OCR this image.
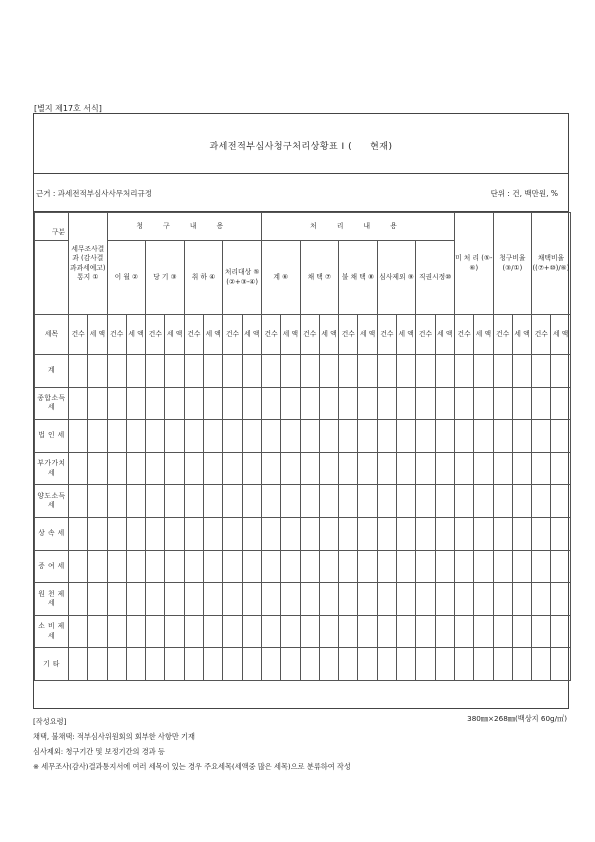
[별지 제17호 서식]
과세전적부심사청구처리상황표 I ( 현재)
근거 : 과세전적부심사사무처리규정	단위 : 건, 백만원, %
구분	세무조사결과 (감사결과과세예고) 통지 ①		청 구 내 용								처 리 내 용										미 처 리 (⑤-⑥)		청구비율 (③/①)		채택비율 ((⑦+⑩)/⑥)	
			이 월 ②		당 기 ③		취 하 ④		처리대상 ⑤ (②+③-④)		계 ⑥		채 택 ⑦		불 채 택 ⑧		심사제외 ⑨		직권시정⑩							
세목	건수	세 액	건수	세 액	건수	세 액	건수	세 액	건수	세 액	건수	세 액	건수	세 액	건수	세 액	건수	세 액	건수	세 액	건수	세 액	건수	세 액	건수	세 액
계																										
종합소득세																										
법 인 세																										
부가가치세																										
양도소득세																										
상 속 세																										
증 여 세																										
원 천 제 세																										
소 비 제 세																										
기 타																										
[작성요령]
채택, 불채택: 적부심사위원회의 회부한 사항만 기재
심사제외: 청구기간 및 보정기간의 경과 등
※ 세무조사(감사)결과통지서에 여러 세목이 있는 경우 주요세목(세액중 많은 세목)으로 분류하여 작성
380㎜×268㎜(백상지 60g/㎡)
